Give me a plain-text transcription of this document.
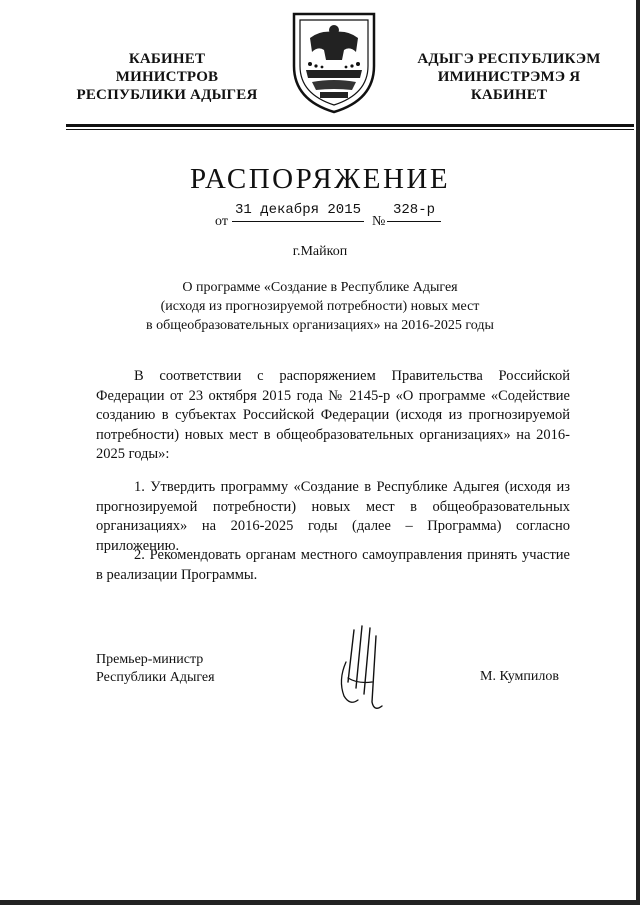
КАБИНЕТ МИНИСТРОВ
РЕСПУБЛИКИ АДЫГЕЯ
АДЫГЭ РЕСПУБЛИКЭМ
ИМИНИСТРЭМЭ Я КАБИНЕТ
РАСПОРЯЖЕНИЕ
от
31 декабря 2015
№
328-р
г.Майкоп
О программе «Создание в Республике Адыгея
(исходя из прогнозируемой потребности) новых мест
в общеобразовательных организациях» на 2016-2025 годы

В соответствии с распоряжением Правительства Российской Федерации от 23 октября 2015 года № 2145-р «О программе «Содействие созданию в субъектах Российской Федерации (исходя из прогнозируемой потребности) новых мест в общеобразовательных организациях» на 2016-2025 годы»:

1. Утвердить программу «Создание в Республике Адыгея (исходя из прогнозируемой потребности) новых мест в общеобразовательных организациях» на 2016-2025 годы (далее – Программа) согласно приложению.

2. Рекомендовать органам местного самоуправления принять участие в реализации Программы.

Премьер-министр
Республики Адыгея	М. Кумпилов
